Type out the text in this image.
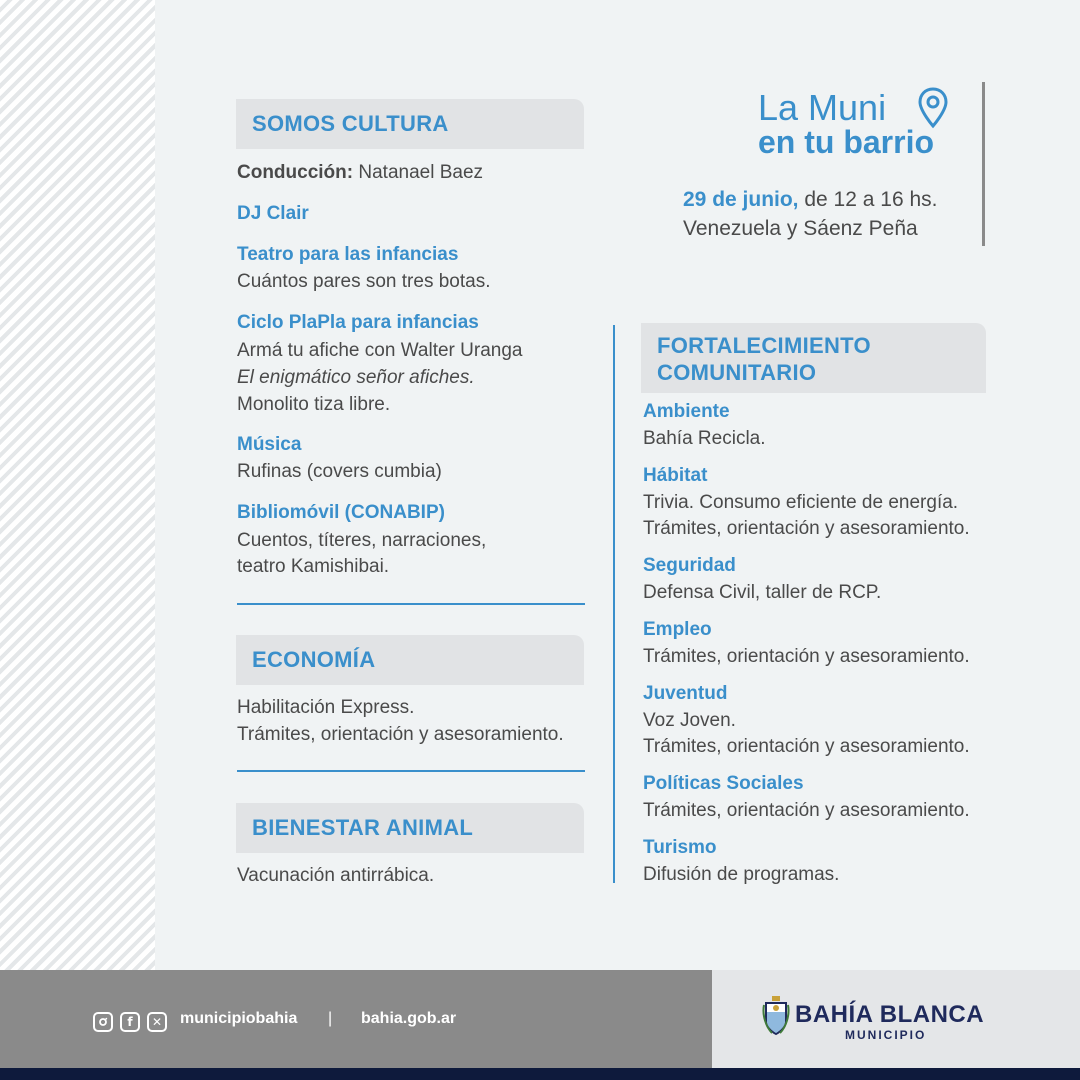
La Muni
en tu barrio
29 de junio, de 12 a 16 hs.
Venezuela y Sáenz Peña
SOMOS CULTURA
Conducción: Natanael Baez
DJ Clair
Teatro para las infancias
Cuántos pares son tres botas.
Ciclo PlaPla para infancias
Armá tu afiche con Walter Uranga
El enigmático señor afiches.
Monolito tiza libre.
Música
Rufinas (covers cumbia)
Bibliomóvil (CONABIP)
Cuentos, títeres, narraciones,
teatro Kamishibai.
ECONOMÍA
Habilitación Express.
Trámites, orientación y asesoramiento.
BIENESTAR ANIMAL
Vacunación antirrábica.
FORTALECIMIENTO
COMUNITARIO
Ambiente
Bahía Recicla.
Hábitat
Trivia. Consumo eficiente de energía.
Trámites, orientación y asesoramiento.
Seguridad
Defensa Civil, taller de RCP.
Empleo
Trámites, orientación y asesoramiento.
Juventud
Voz Joven.
Trámites, orientación y asesoramiento.
Políticas Sociales
Trámites, orientación y asesoramiento.
Turismo
Difusión de programas.
f	✕	municipiobahia | bahia.gob.ar	BAHÍA BLANCA
MUNICIPIO
